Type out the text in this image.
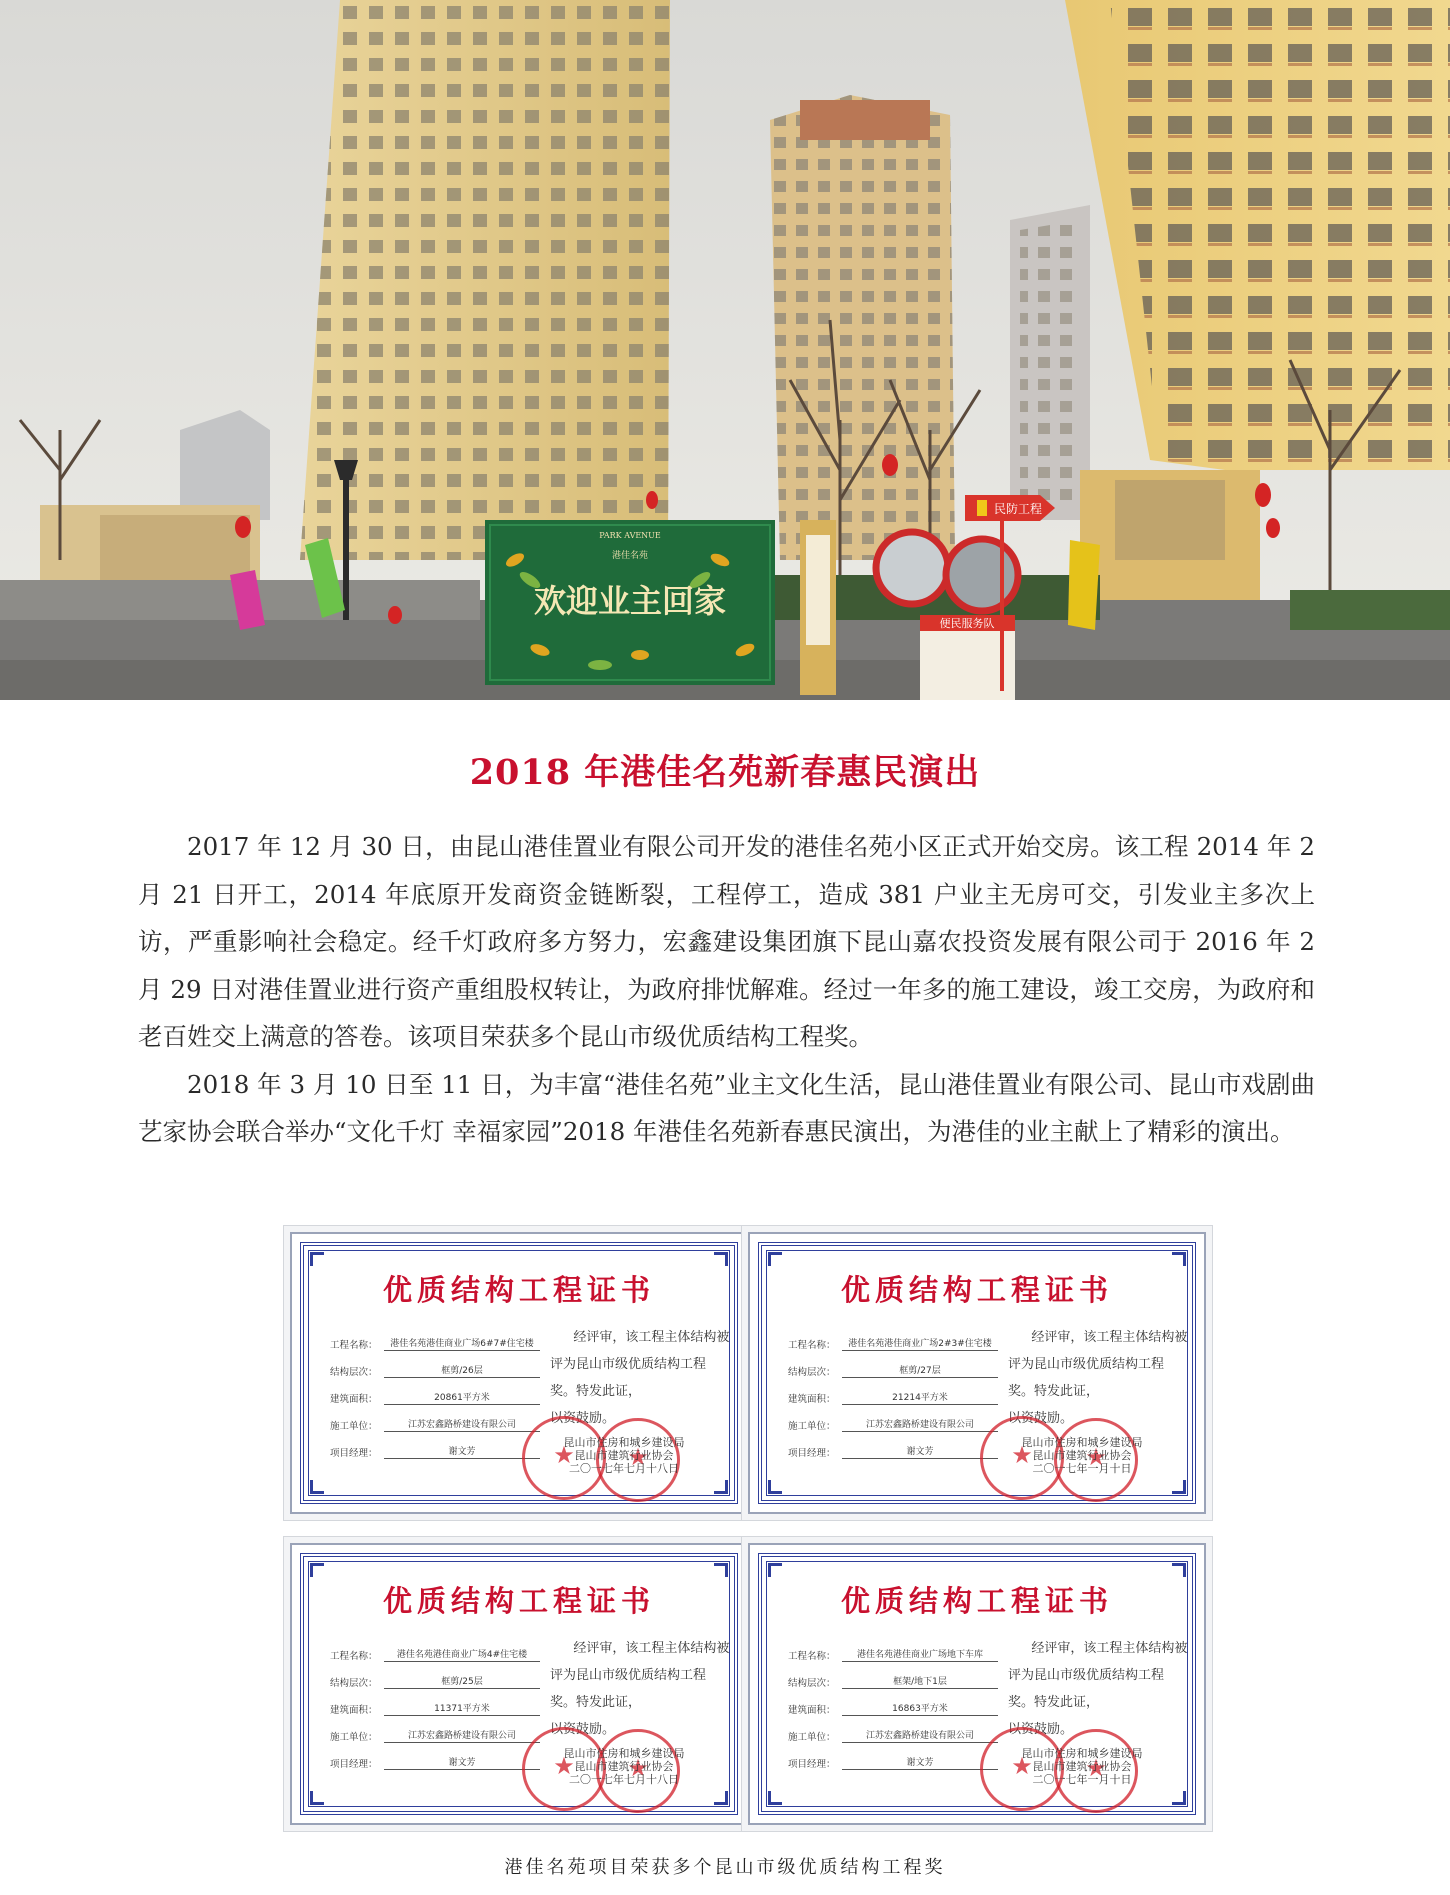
PARK AVENUE
港佳名苑
欢迎业主回家
便民服务队
民防工程
2018 年港佳名苑新春惠民演出

2017 年 12 月 30 日，由昆山港佳置业有限公司开发的港佳名苑小区正式开始交房。该工程 2014 年 2 月 21 日开工，2014 年底原开发商资金链断裂，工程停工，造成 381 户业主无房可交，引发业主多次上访，严重影响社会稳定。经千灯政府多方努力，宏鑫建设集团旗下昆山嘉农投资发展有限公司于 2016 年 2 月 29 日对港佳置业进行资产重组股权转让，为政府排忧解难。经过一年多的施工建设，竣工交房，为政府和老百姓交上满意的答卷。该项目荣获多个昆山市级优质结构工程奖。

2018 年 3 月 10 日至 11 日，为丰富“港佳名苑”业主文化生活，昆山港佳置业有限公司、昆山市戏剧曲艺家协会联合举办“文化千灯 幸福家园”2018 年港佳名苑新春惠民演出，为港佳的业主献上了精彩的演出。

优质结构工程证书
工程名称：	港佳名苑港佳商业广场6#7#住宅楼
结构层次：	框剪/26层
建筑面积：	20861平方米
施工单位：	江苏宏鑫路桥建设有限公司
项目经理：	谢文芳

经评审，该工程主体结构被评为昆山市级优质结构工程奖。特发此证，

以资鼓励。

★
★
昆山市住房和城乡建设局
昆山市建筑行业协会
二〇一七年七月十八日
优质结构工程证书
工程名称：	港佳名苑港佳商业广场2#3#住宅楼
结构层次：	框剪/27层
建筑面积：	21214平方米
施工单位：	江苏宏鑫路桥建设有限公司
项目经理：	谢文芳

经评审，该工程主体结构被评为昆山市级优质结构工程奖。特发此证，

以资鼓励。

★
★
昆山市住房和城乡建设局
昆山市建筑行业协会
二〇一七年一月十日
优质结构工程证书
工程名称：	港佳名苑港佳商业广场4#住宅楼
结构层次：	框剪/25层
建筑面积：	11371平方米
施工单位：	江苏宏鑫路桥建设有限公司
项目经理：	谢文芳

经评审，该工程主体结构被评为昆山市级优质结构工程奖。特发此证，

以资鼓励。

★
★
昆山市住房和城乡建设局
昆山市建筑行业协会
二〇一七年七月十八日
优质结构工程证书
工程名称：	港佳名苑港佳商业广场地下车库
结构层次：	框架/地下1层
建筑面积：	16863平方米
施工单位：	江苏宏鑫路桥建设有限公司
项目经理：	谢文芳

经评审，该工程主体结构被评为昆山市级优质结构工程奖。特发此证，

以资鼓励。

★
★
昆山市住房和城乡建设局
昆山市建筑行业协会
二〇一七年一月十日
港佳名苑项目荣获多个昆山市级优质结构工程奖
